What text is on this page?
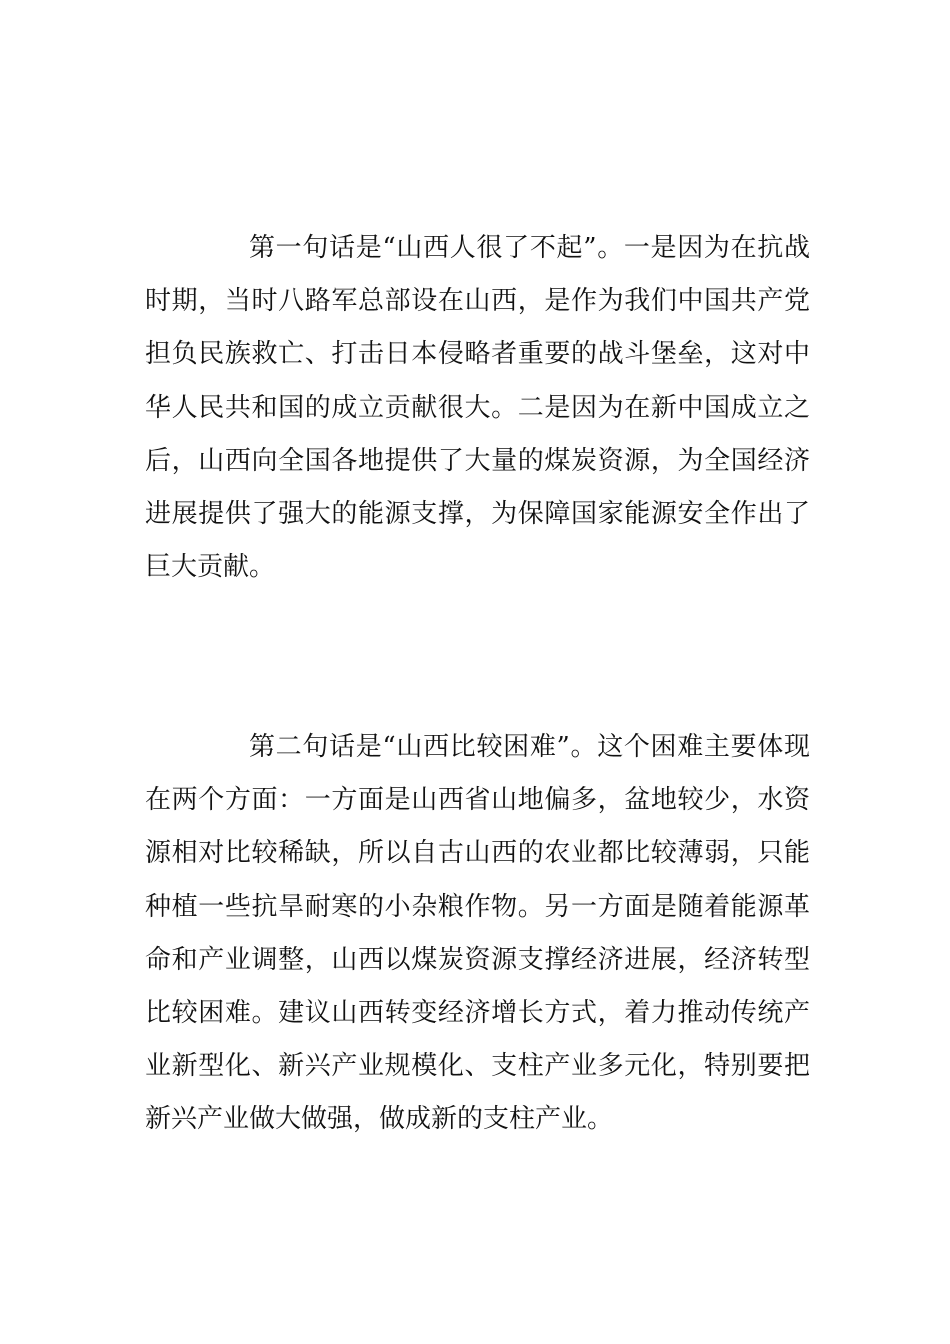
第一句话是“山西人很了不起”。一是因为在抗战时期，当时八路军总部设在山西，是作为我们中国共产党担负民族救亡、打击日本侵略者重要的战斗堡垒，这对中华人民共和国的成立贡献很大。二是因为在新中国成立之后，山西向全国各地提供了大量的煤炭资源，为全国经济进展提供了强大的能源支撑，为保障国家能源安全作出了巨大贡献。

第二句话是“山西比较困难”。这个困难主要体现在两个方面：一方面是山西省山地偏多，盆地较少，水资源相对比较稀缺，所以自古山西的农业都比较薄弱，只能种植一些抗旱耐寒的小杂粮作物。另一方面是随着能源革命和产业调整，山西以煤炭资源支撑经济进展，经济转型比较困难。建议山西转变经济增长方式，着力推动传统产业新型化、新兴产业规模化、支柱产业多元化，特别要把新兴产业做大做强，做成新的支柱产业。
